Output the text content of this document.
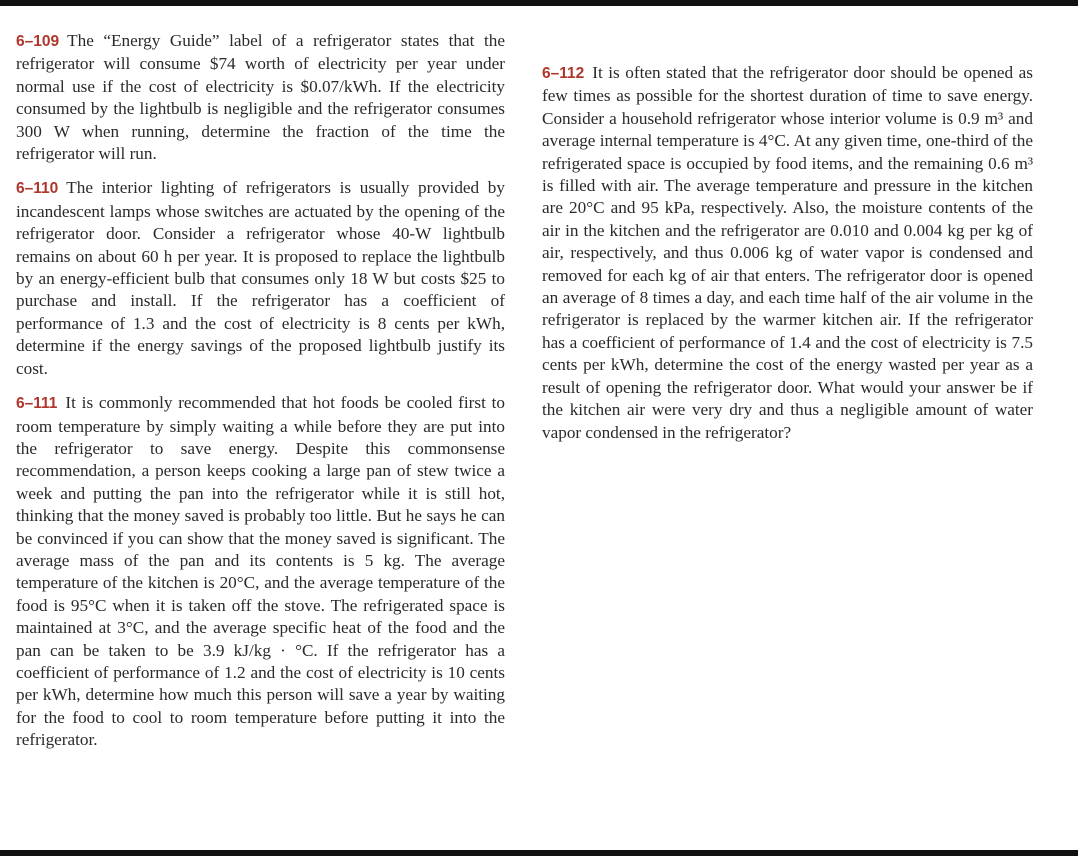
6–109 The “Energy Guide” label of a refrigerator states that the refrigerator will consume $74 worth of electricity per year under normal use if the cost of electricity is $0.07/kWh. If the electricity consumed by the lightbulb is negligible and the refrigerator consumes 300 W when running, determine the fraction of the time the refrigerator will run.

6–110 The interior lighting of refrigerators is usually provided by incandescent lamps whose switches are actuated by the opening of the refrigerator door. Consider a refrigerator whose 40-W lightbulb remains on about 60 h per year. It is proposed to replace the lightbulb by an energy-efficient bulb that consumes only 18 W but costs $25 to purchase and install. If the refrigerator has a coefficient of performance of 1.3 and the cost of electricity is 8 cents per kWh, determine if the energy savings of the proposed lightbulb justify its cost.

6–111 It is commonly recommended that hot foods be cooled first to room temperature by simply waiting a while before they are put into the refrigerator to save energy. Despite this commonsense recommendation, a person keeps cooking a large pan of stew twice a week and putting the pan into the refrigerator while it is still hot, thinking that the money saved is probably too little. But he says he can be convinced if you can show that the money saved is significant. The average mass of the pan and its contents is 5 kg. The average temperature of the kitchen is 20°C, and the average temperature of the food is 95°C when it is taken off the stove. The refrigerated space is maintained at 3°C, and the average specific heat of the food and the pan can be taken to be 3.9 kJ/kg · °C. If the refrigerator has a coefficient of performance of 1.2 and the cost of electricity is 10 cents per kWh, determine how much this person will save a year by waiting for the food to cool to room temperature before putting it into the refrigerator.

6–112 It is often stated that the refrigerator door should be opened as few times as possible for the shortest duration of time to save energy. Consider a household refrigerator whose interior volume is 0.9 m³ and average internal temperature is 4°C. At any given time, one-third of the refrigerated space is occupied by food items, and the remaining 0.6 m³ is filled with air. The average temperature and pressure in the kitchen are 20°C and 95 kPa, respectively. Also, the moisture contents of the air in the kitchen and the refrigerator are 0.010 and 0.004 kg per kg of air, respectively, and thus 0.006 kg of water vapor is condensed and removed for each kg of air that enters. The refrigerator door is opened an average of 8 times a day, and each time half of the air volume in the refrigerator is replaced by the warmer kitchen air. If the refrigerator has a coefficient of performance of 1.4 and the cost of electricity is 7.5 cents per kWh, determine the cost of the energy wasted per year as a result of opening the refrigerator door. What would your answer be if the kitchen air were very dry and thus a negligible amount of water vapor condensed in the refrigerator?
